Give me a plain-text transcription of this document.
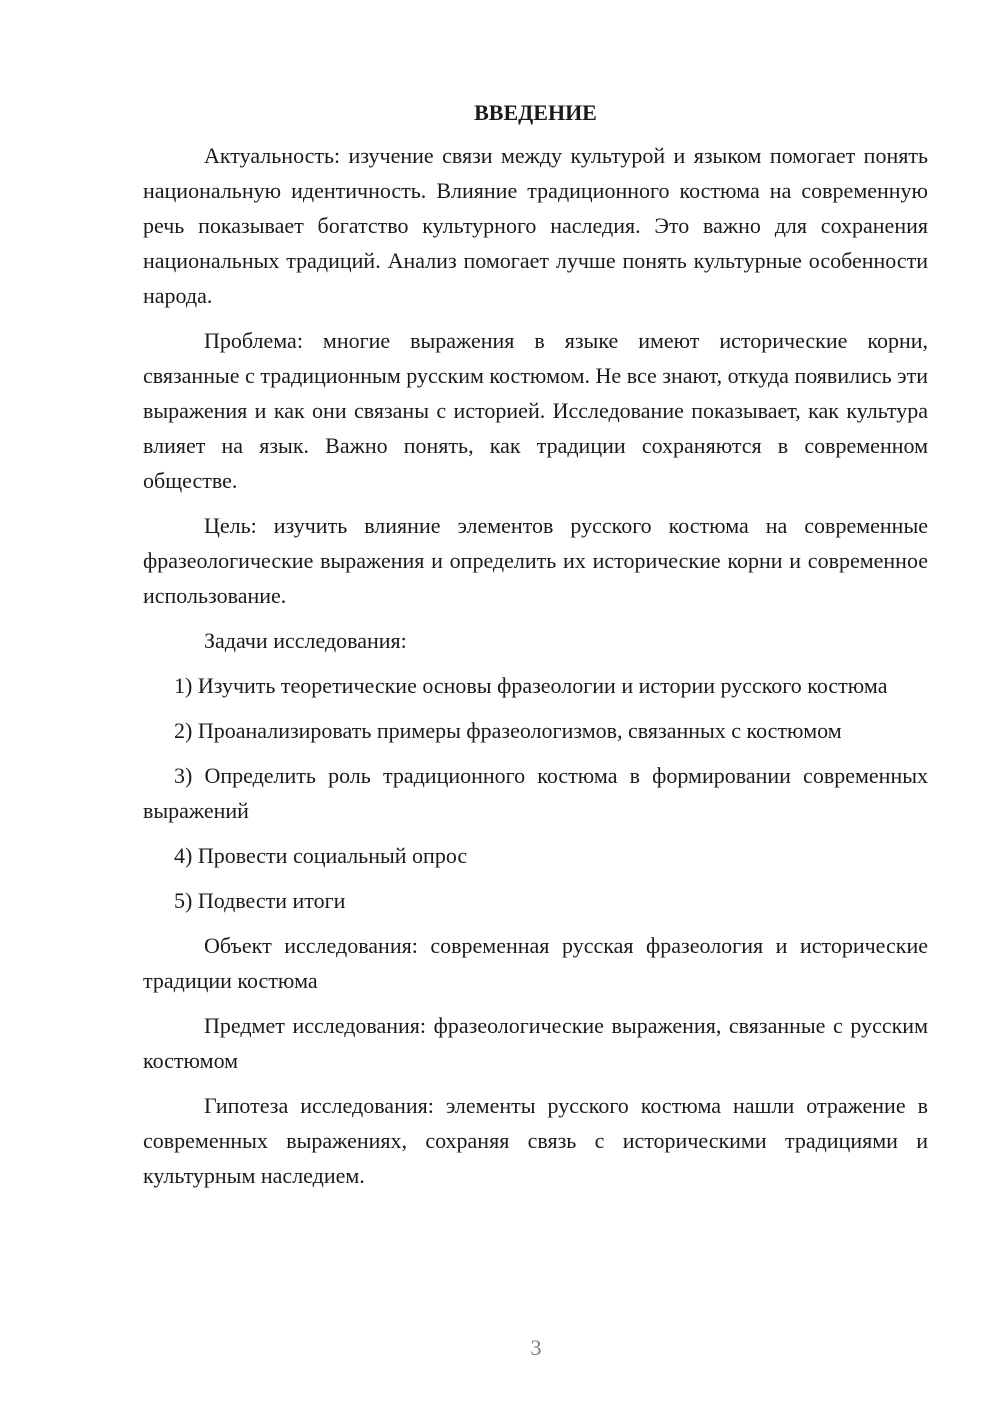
ВВЕДЕНИЕ

Актуальность: изучение связи между культурой и языком помогает понять национальную идентичность. Влияние традиционного костюма на современную речь показывает богатство культурного наследия. Это важно для сохранения национальных традиций. Анализ помогает лучше понять культурные особенности народа.

Проблема: многие выражения в языке имеют исторические корни, связанные с традиционным русским костюмом. Не все знают, откуда появились эти выражения и как они связаны с историей. Исследование показывает, как культура влияет на язык. Важно понять, как традиции сохраняются в современном обществе.

Цель: изучить влияние элементов русского костюма на современные фразеологические выражения и определить их исторические корни и современное использование.

Задачи исследования:

1) Изучить теоретические основы фразеологии и истории русского костюма

2) Проанализировать примеры фразеологизмов, связанных с костюмом

3) Определить роль традиционного костюма в формировании современных выражений

4) Провести социальный опрос

5) Подвести итоги

Объект исследования: современная русская фразеология и исторические традиции костюма

Предмет исследования: фразеологические выражения, связанные с русским костюмом

Гипотеза исследования: элементы русского костюма нашли отражение в современных выражениях, сохраняя связь с историческими традициями и культурным наследием.

3
